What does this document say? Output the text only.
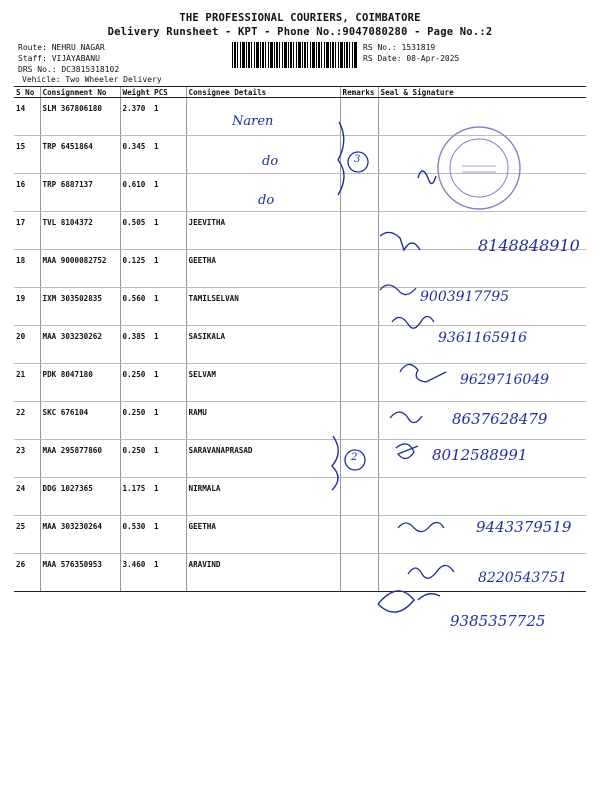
THE PROFESSIONAL COURIERS, COIMBATORE
Delivery Runsheet - KPT - Phone No.:9047080280 - Page No.:2
Route: NEHRU NAGAR
Staff: VIJAYABANU
DRS No.: DC3815318102
Vehicle: Two Wheeler Delivery
RS No.: 1531819
RS Date: 08-Apr-2025
S No	Consignment No	Weight	PCS	Consignee Details	Remarks	Seal & Signature
14	SLM 367806180	2.370	1			
15	TRP 6451864	0.345	1			
16	TRP 6887137	0.610	1			
17	TVL 8104372	0.505	1	JEEVITHA		
18	MAA 9000082752	0.125	1	GEETHA		
19	IXM 303502835	0.560	1	TAMILSELVAN		
20	MAA 303230262	0.385	1	SASIKALA		
21	PDK 8047180	0.250	1	SELVAM		
22	SKC 676104	0.250	1	RAMU		
23	MAA 295877860	0.250	1	SARAVANAPRASAD		
24	DDG 1027365	1.175	1	NIRMALA		
25	MAA 303230264	0.530	1	GEETHA		
26	MAA 576350953	3.460	1	ARAVIND		
Naren
do
do
3
2
8148848910
9003917795
9361165916
9629716049
8637628479
8012588991
9443379519
8220543751
9385357725
